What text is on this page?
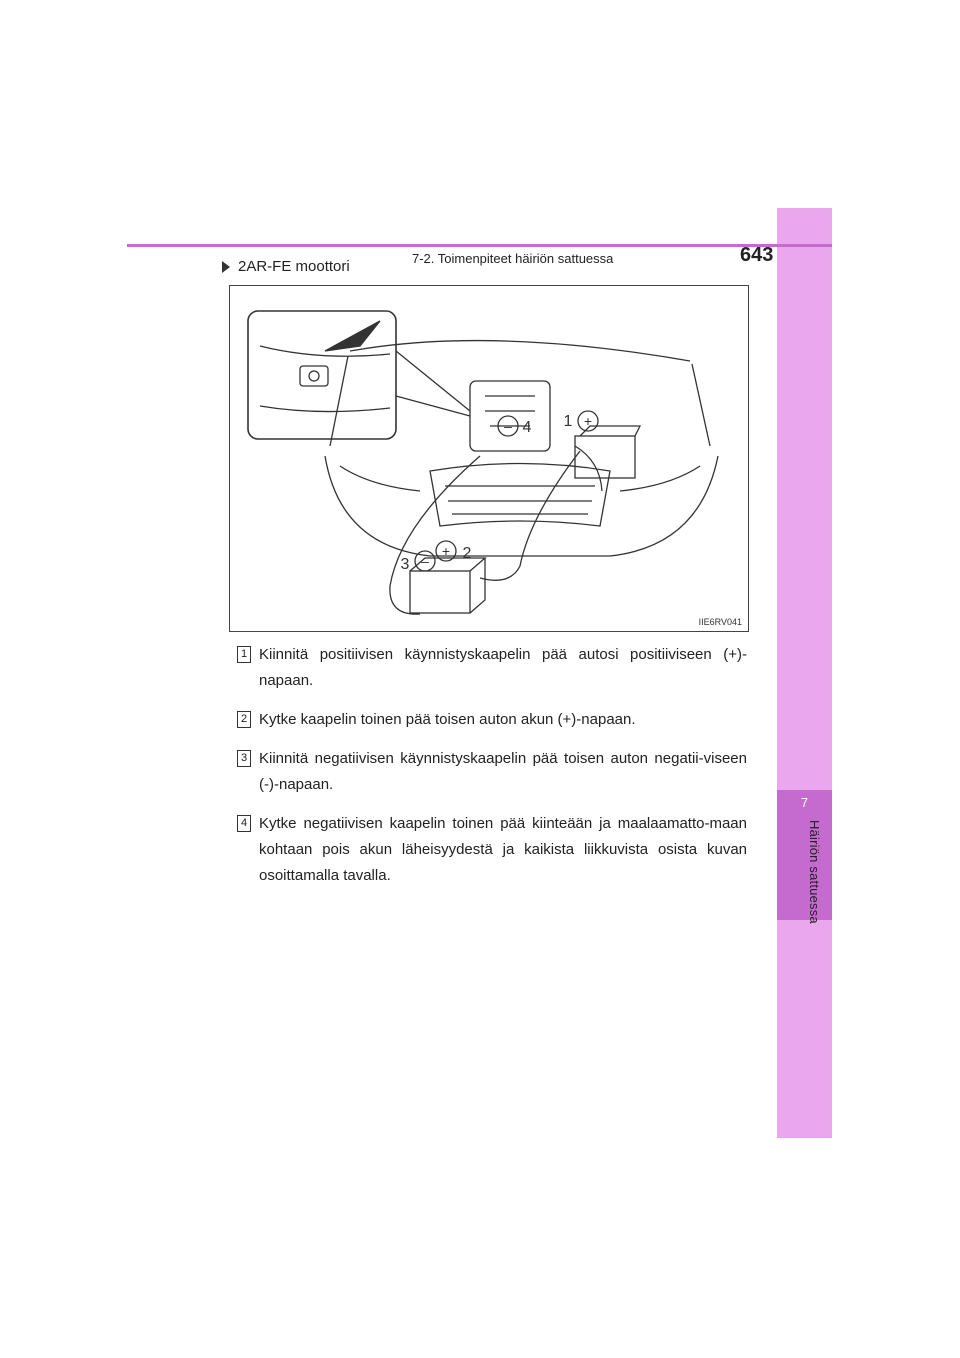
7
Häiriön sattuessa
7-2. Toimenpiteet häiriön sattuessa	643
2AR-FE moottori
–	+
–
+
4 1
2
3
IIE6RV041
1 Kiinnitä positiivisen käynnistyskaapelin pää autosi positiiviseen (+)-napaan.
2 Kytke kaapelin toinen pää toisen auton akun (+)-napaan.
3 Kiinnitä negatiivisen käynnistyskaapelin pää toisen auton negatii-viseen (-)-napaan.
4 Kytke negatiivisen kaapelin toinen pää kiinteään ja maalaamatto-maan kohtaan pois akun läheisyydestä ja kaikista liikkuvista osista kuvan osoittamalla tavalla.
